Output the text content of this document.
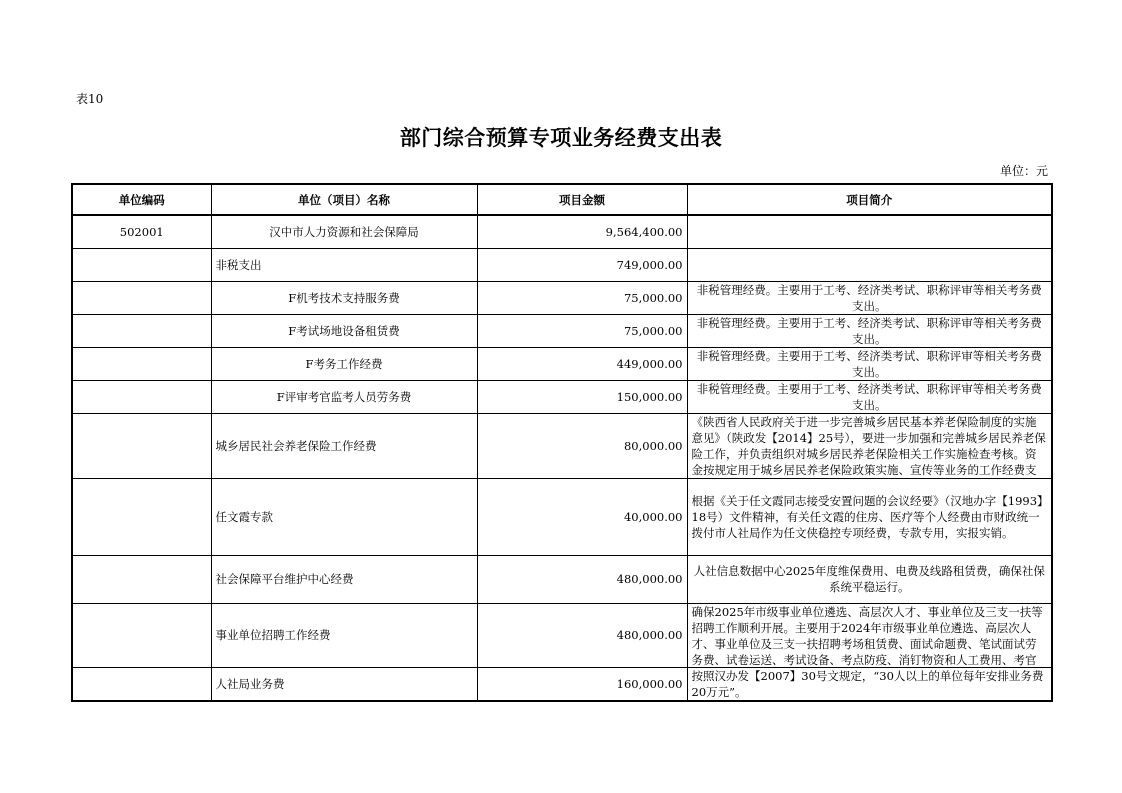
表10
部门综合预算专项业务经费支出表
单位：元
单位编码	单位（项目）名称	项目金额	项目简介
502001	汉中市人力资源和社会保障局	9,564,400.00	
	非税支出	749,000.00	
	F机考技术支持服务费	75,000.00	非税管理经费。主要用于工考、经济类考试、职称评审等相关考务费支出。
	F考试场地设备租赁费	75,000.00	非税管理经费。主要用于工考、经济类考试、职称评审等相关考务费支出。
	F考务工作经费	449,000.00	非税管理经费。主要用于工考、经济类考试、职称评审等相关考务费支出。
	F评审考官监考人员劳务费	150,000.00	非税管理经费。主要用于工考、经济类考试、职称评审等相关考务费支出。
	城乡居民社会养老保险工作经费	80,000.00	《陕西省人民政府关于进一步完善城乡居民基本养老保险制度的实施意见》（陕政发【2014】25号），要进一步加强和完善城乡居民养老保险工作，并负责组织对城乡居民养老保险相关工作实施检查考核。资金按规定用于城乡居民养老保险政策实施、宣传等业务的工作经费支

	任文霞专款	40,000.00	根据《关于任文霞同志接受安置问题的会议经要》（汉地办字【1993】18号）文件精神，有关任文霞的住房、医疗等个人经费由市财政统一拨付市人社局作为任文侠稳控专项经费，专款专用，实报实销。
	社会保障平台维护中心经费	480,000.00	人社信息数据中心2025年度维保费用、电费及线路租赁费，确保社保系统平稳运行。
	事业单位招聘工作经费	480,000.00	确保2025年市级事业单位遴选、高层次人才、事业单位及三支一扶等招聘工作顺利开展。主要用于2024年市级事业单位遴选、高层次人才、事业单位及三支一扶招聘考场租赁费、面试命题费、笔试面试劳务费、试卷运送、考试设备、考点防疫、消钉物资和人工费用、考官

	人社局业务费	160,000.00	按照汉办发【2007】30号文规定，“30人以上的单位每年安排业务费20万元”。
